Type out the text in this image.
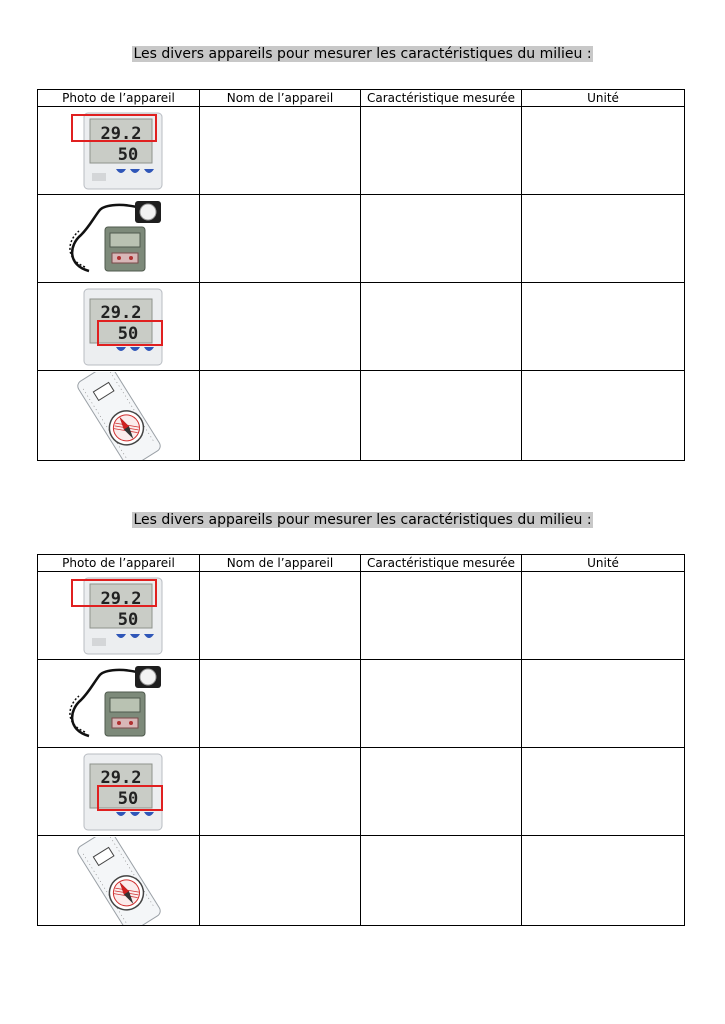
Les divers appareils pour mesurer les caractéristiques du milieu :
Photo de l’appareil	Nom de l’appareil	Caractéristique mesurée	Unité

29.2
50			

29.2
50			

Les divers appareils pour mesurer les caractéristiques du milieu :
Photo de l’appareil	Nom de l’appareil	Caractéristique mesurée	Unité

29.2
50			

29.2
50			
